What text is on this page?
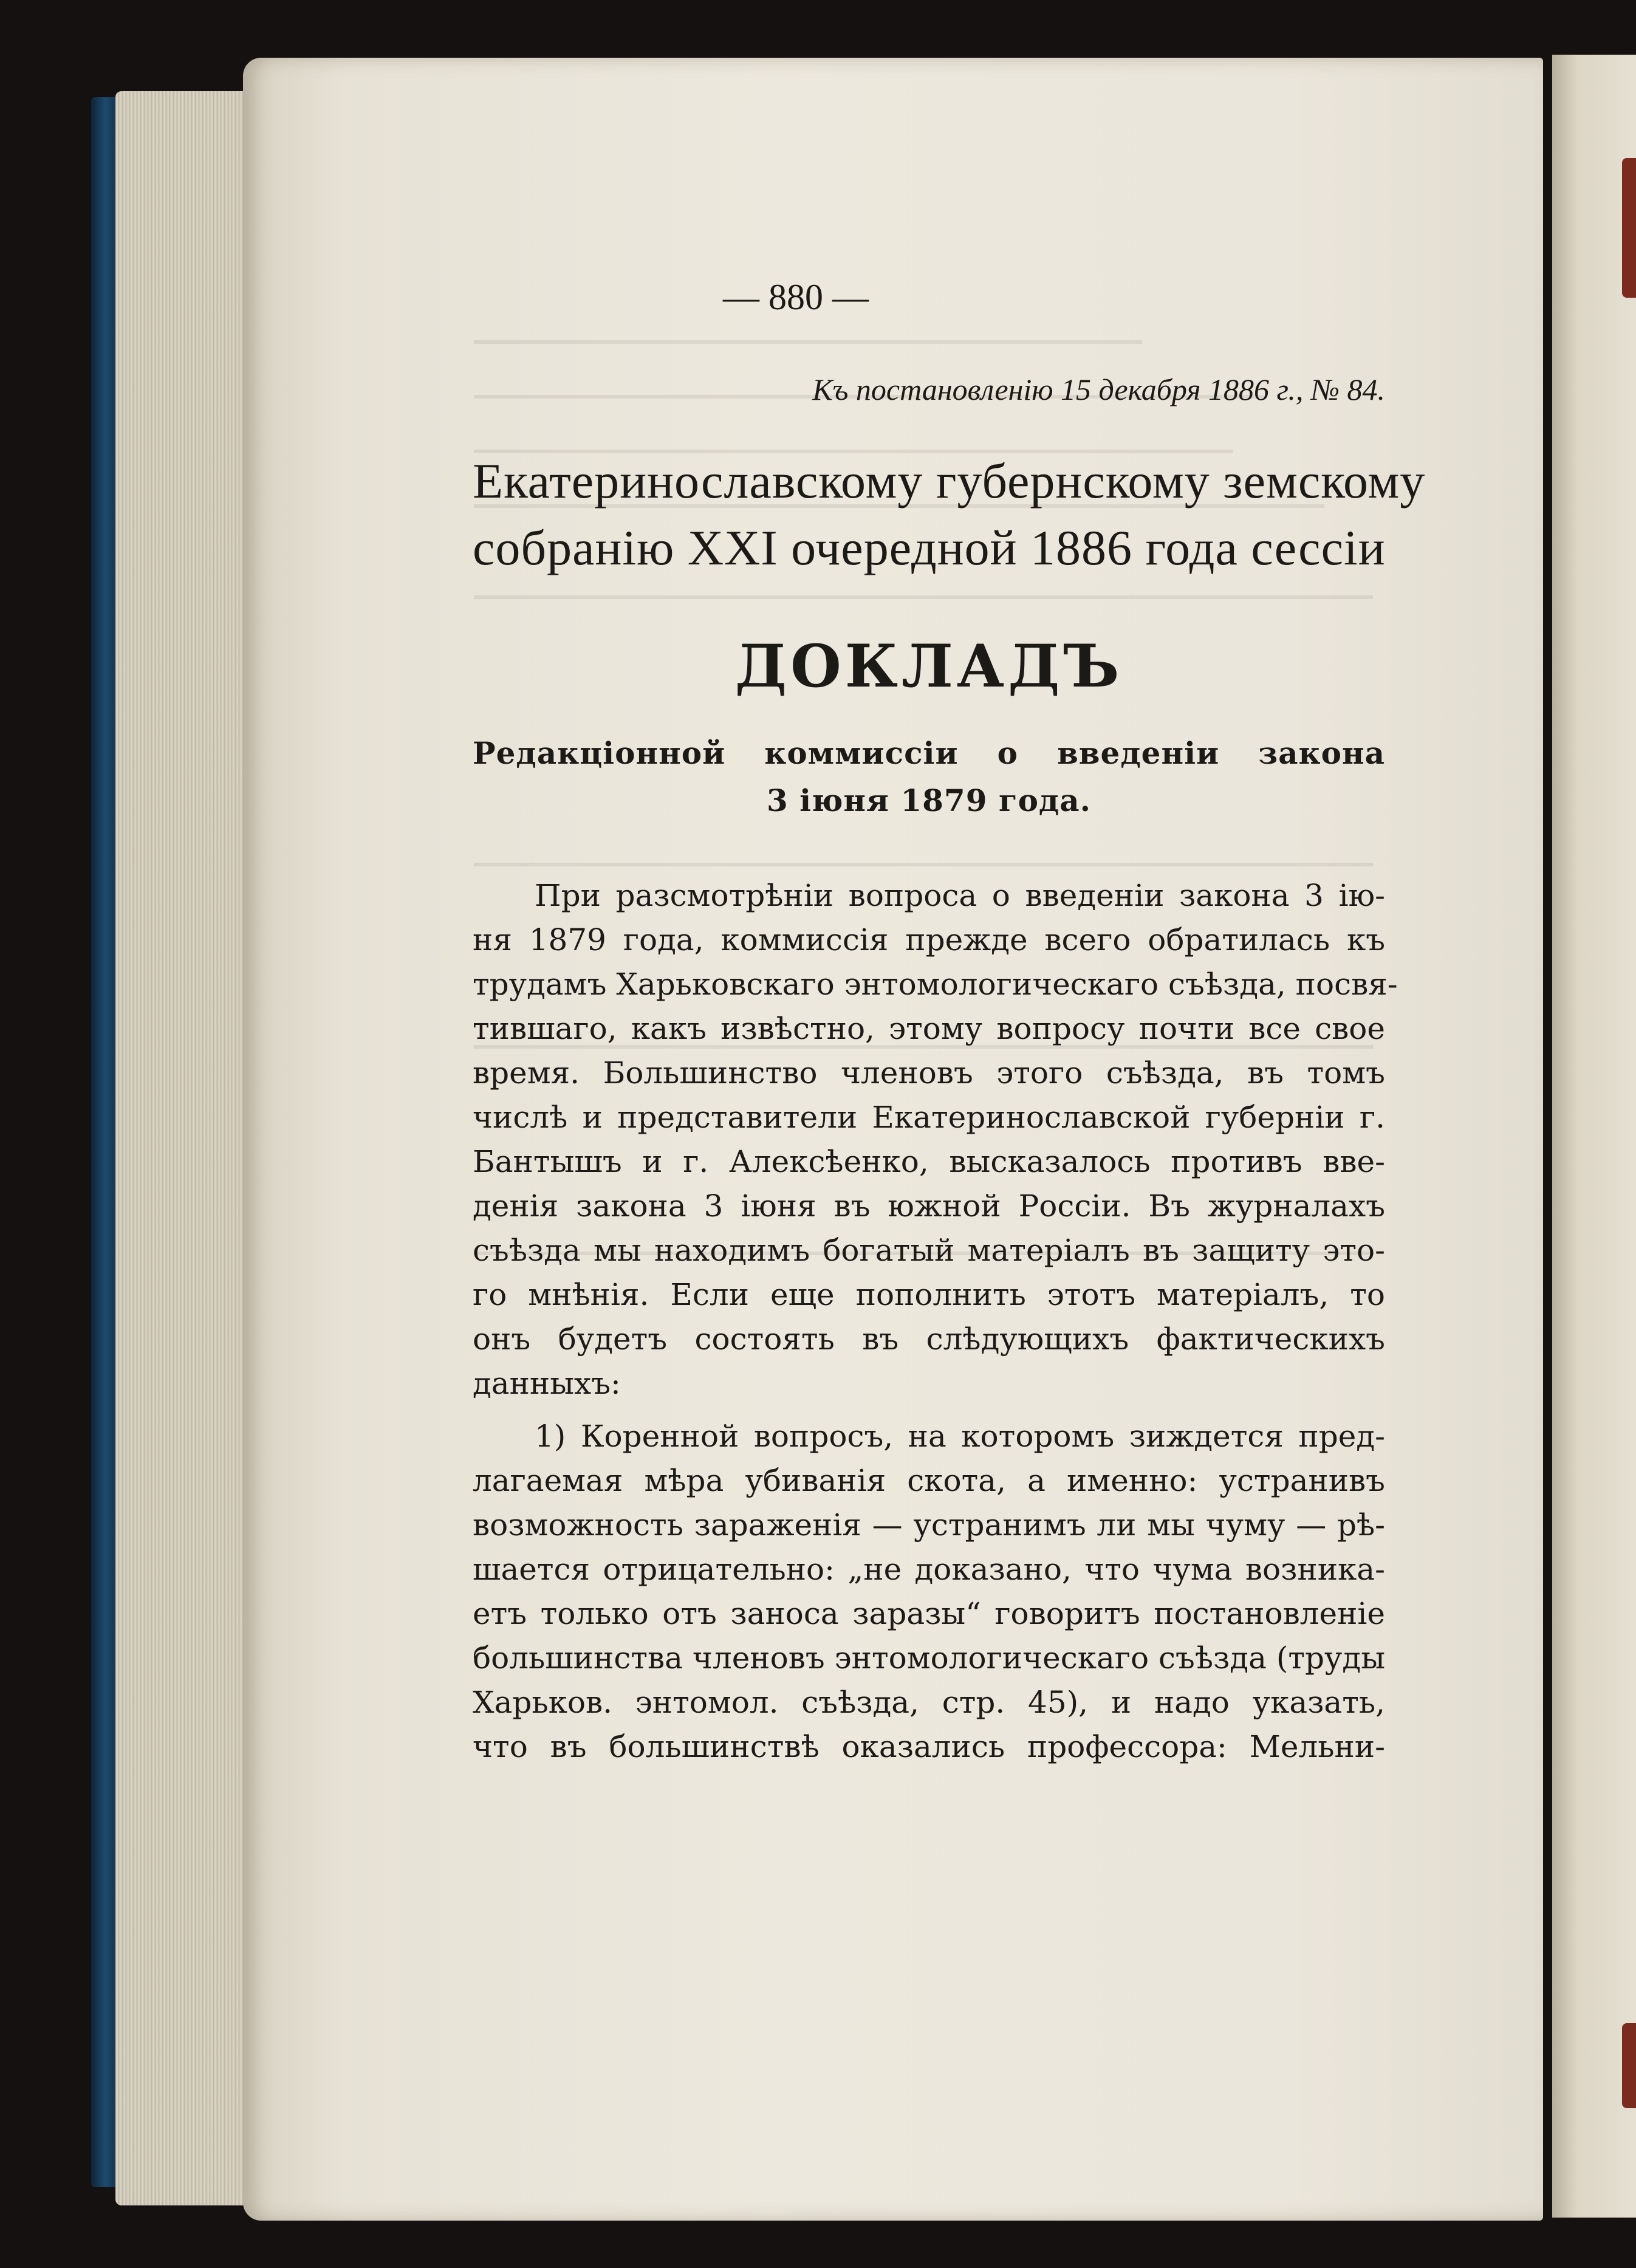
— 880 —
Къ постановленію 15 декабря 1886 г., № 84.
Екатеринославскому губернскому земскому
собранію XXI очередной 1886 года сессіи
ДОКЛАДЪ
Редакціонной коммиссіи о введеніи закона
3 іюня 1879 года.
При разсмотрѣніи вопроса о введеніи закона 3 ію-
ня 1879 года, коммиссія прежде всего обратилась къ
трудамъ Харьковскаго энтомологическаго съѣзда, посвя-
тившаго, какъ извѣстно, этому вопросу почти все свое
время. Большинство членовъ этого съѣзда, въ томъ
числѣ и представители Екатеринославской губерніи г.
Бантышъ и г. Алексѣенко, высказалось противъ вве-
денія закона 3 іюня въ южной Россіи. Въ журналахъ
съѣзда мы находимъ богатый матеріалъ въ защиту это-
го мнѣнія. Если еще пополнить этотъ матеріалъ, то
онъ будетъ состоять въ слѣдующихъ фактическихъ
данныхъ:
1) Коренной вопросъ, на которомъ зиждется пред-
лагаемая мѣра убиванія скота, а именно: устранивъ
возможность зараженія — устранимъ ли мы чуму — рѣ-
шается отрицательно: „не доказано, что чума возника-
етъ только отъ заноса заразы“ говоритъ постановленіе
большинства членовъ энтомологическаго съѣзда (труды
Харьков. энтомол. съѣзда, стр. 45), и надо указать,
что въ большинствѣ оказались профессора: Мельни-
